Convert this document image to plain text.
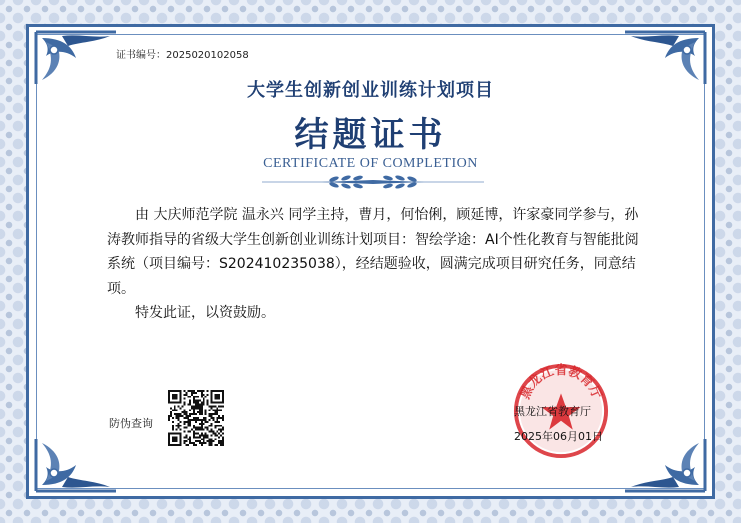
证书编号：2025020102058
大学生创新创业训练计划项目
结题证书
CERTIFICATE OF COMPLETION

由 大庆师范学院 温永兴 同学主持，曹月，何怡俐，顾延博，许家豪同学参与，孙涛教师指导的省级大学生创新创业训练计划项目：智绘学途：AI个性化教育与智能批阅系统（项目编号：S202410235038），经结题验收，圆满完成项目研究任务，同意结项。

特发此证，以资鼓励。

防伪查询
黑龙江省教育厅
黑龙江省教育厅
2025年06月01日
